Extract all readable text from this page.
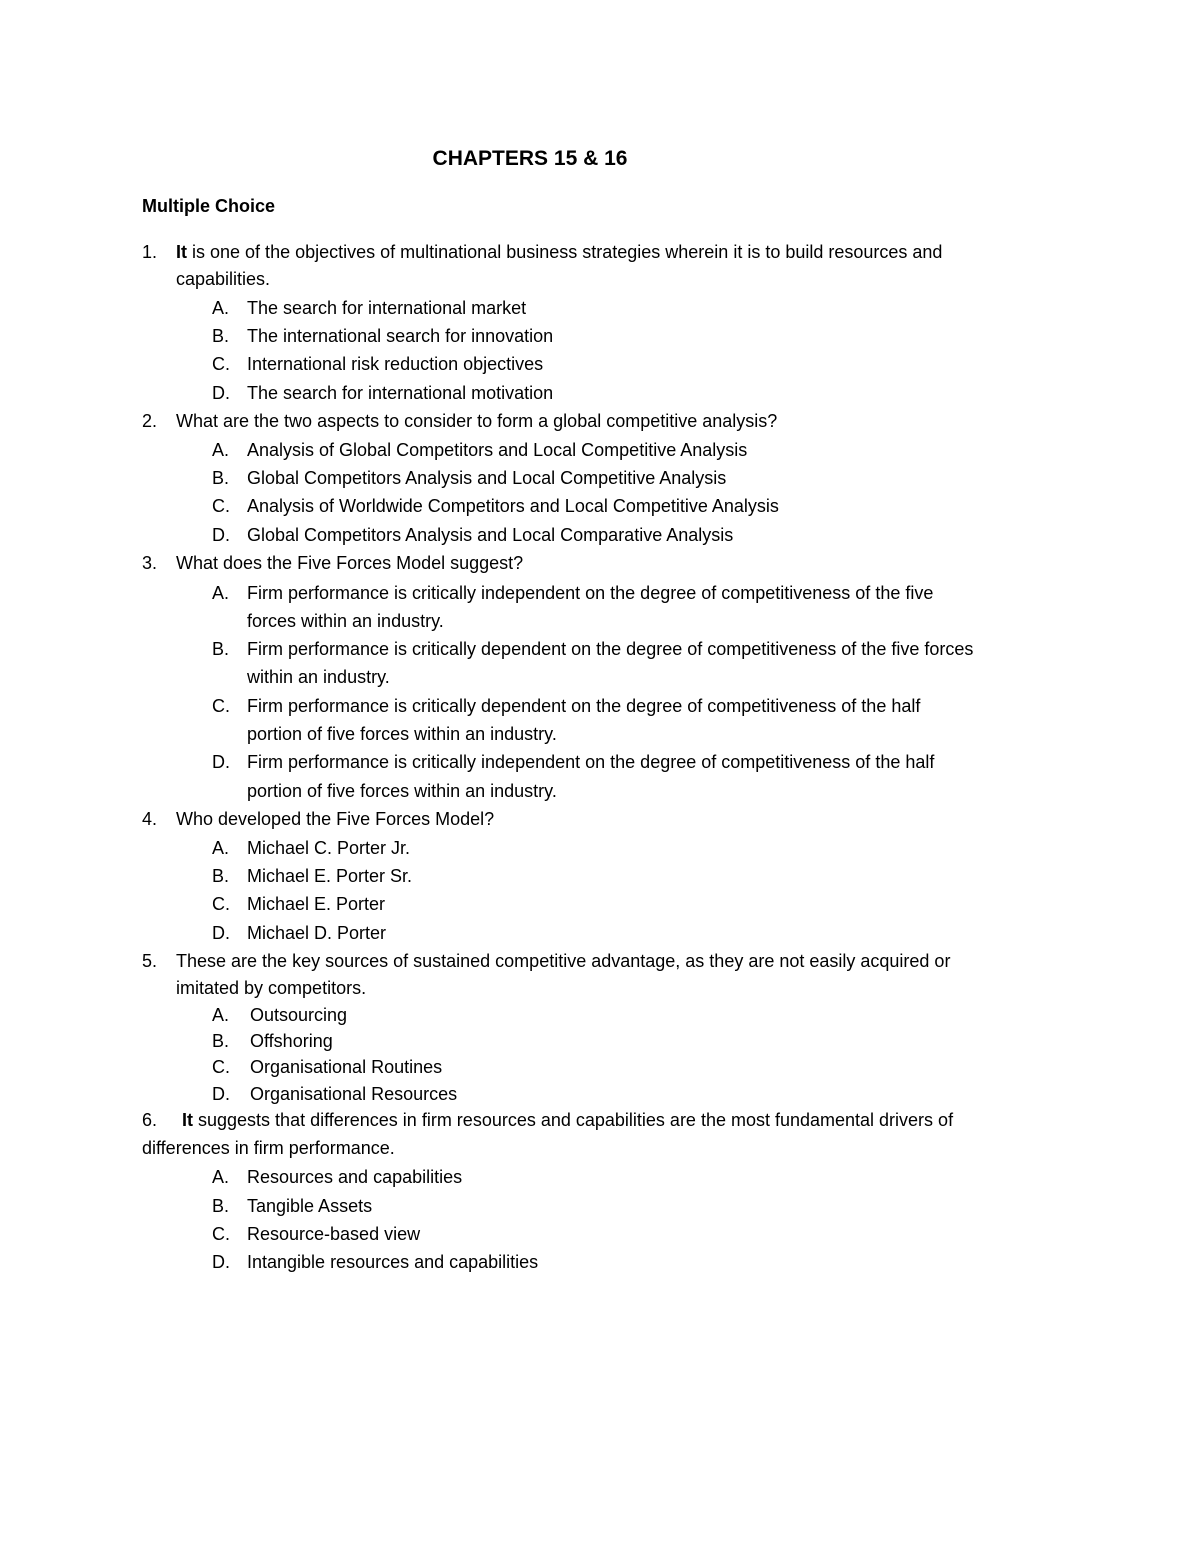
CHAPTERS 15 & 16
Multiple Choice
1. It is one of the objectives of multinational business strategies wherein it is to build resources and
capabilities.
A. The search for international market
B. The international search for innovation
C. International risk reduction objectives
D. The search for international motivation
2. What are the two aspects to consider to form a global competitive analysis?
A. Analysis of Global Competitors and Local Competitive Analysis
B. Global Competitors Analysis and Local Competitive Analysis
C. Analysis of Worldwide Competitors and Local Competitive Analysis
D. Global Competitors Analysis and Local Comparative Analysis
3. What does the Five Forces Model suggest?
A. Firm performance is critically independent on the degree of competitiveness of the five
forces within an industry.
B. Firm performance is critically dependent on the degree of competitiveness of the five forces
within an industry.
C. Firm performance is critically dependent on the degree of competitiveness of the half
portion of five forces within an industry.
D. Firm performance is critically independent on the degree of competitiveness of the half
portion of five forces within an industry.
4. Who developed the Five Forces Model?
A. Michael C. Porter Jr.
B. Michael E. Porter Sr.
C. Michael E. Porter
D. Michael D. Porter
5. These are the key sources of sustained competitive advantage, as they are not easily acquired or
imitated by competitors.
A. Outsourcing
B. Offshoring
C. Organisational Routines
D. Organisational Resources
6. It suggests that differences in firm resources and capabilities are the most fundamental drivers of
differences in firm performance.
A. Resources and capabilities
B. Tangible Assets
C. Resource-based view
D. Intangible resources and capabilities
